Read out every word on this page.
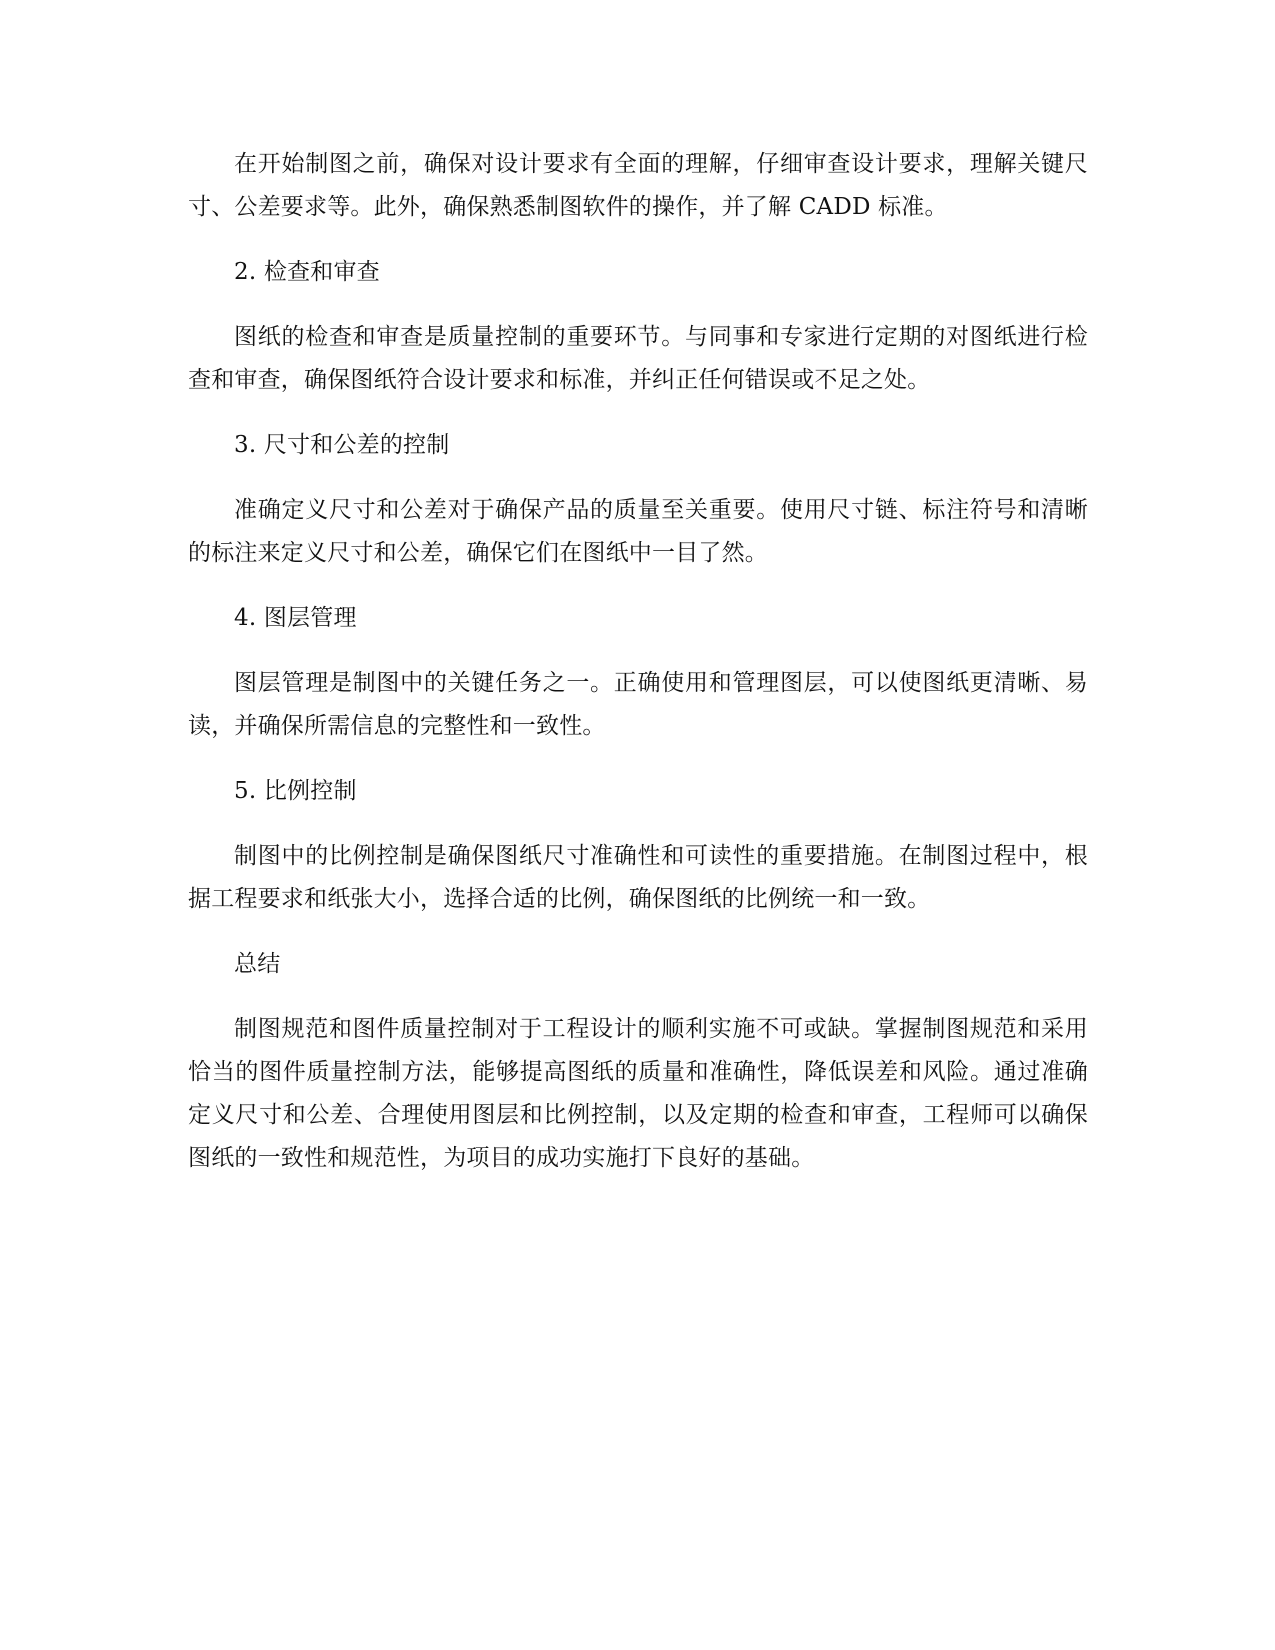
在开始制图之前，确保对设计要求有全面的理解，仔细审查设计要求，理解关键尺寸、公差要求等。此外，确保熟悉制图软件的操作，并了解 CADD 标准。

2. 检查和审查

图纸的检查和审查是质量控制的重要环节。与同事和专家进行定期的对图纸进行检查和审查，确保图纸符合设计要求和标准，并纠正任何错误或不足之处。

3. 尺寸和公差的控制

准确定义尺寸和公差对于确保产品的质量至关重要。使用尺寸链、标注符号和清晰的标注来定义尺寸和公差，确保它们在图纸中一目了然。

4. 图层管理

图层管理是制图中的关键任务之一。正确使用和管理图层，可以使图纸更清晰、易读，并确保所需信息的完整性和一致性。

5. 比例控制

制图中的比例控制是确保图纸尺寸准确性和可读性的重要措施。在制图过程中，根据工程要求和纸张大小，选择合适的比例，确保图纸的比例统一和一致。

总结

制图规范和图件质量控制对于工程设计的顺利实施不可或缺。掌握制图规范和采用恰当的图件质量控制方法，能够提高图纸的质量和准确性，降低误差和风险。通过准确定义尺寸和公差、合理使用图层和比例控制，以及定期的检查和审查，工程师可以确保图纸的一致性和规范性，为项目的成功实施打下良好的基础。
